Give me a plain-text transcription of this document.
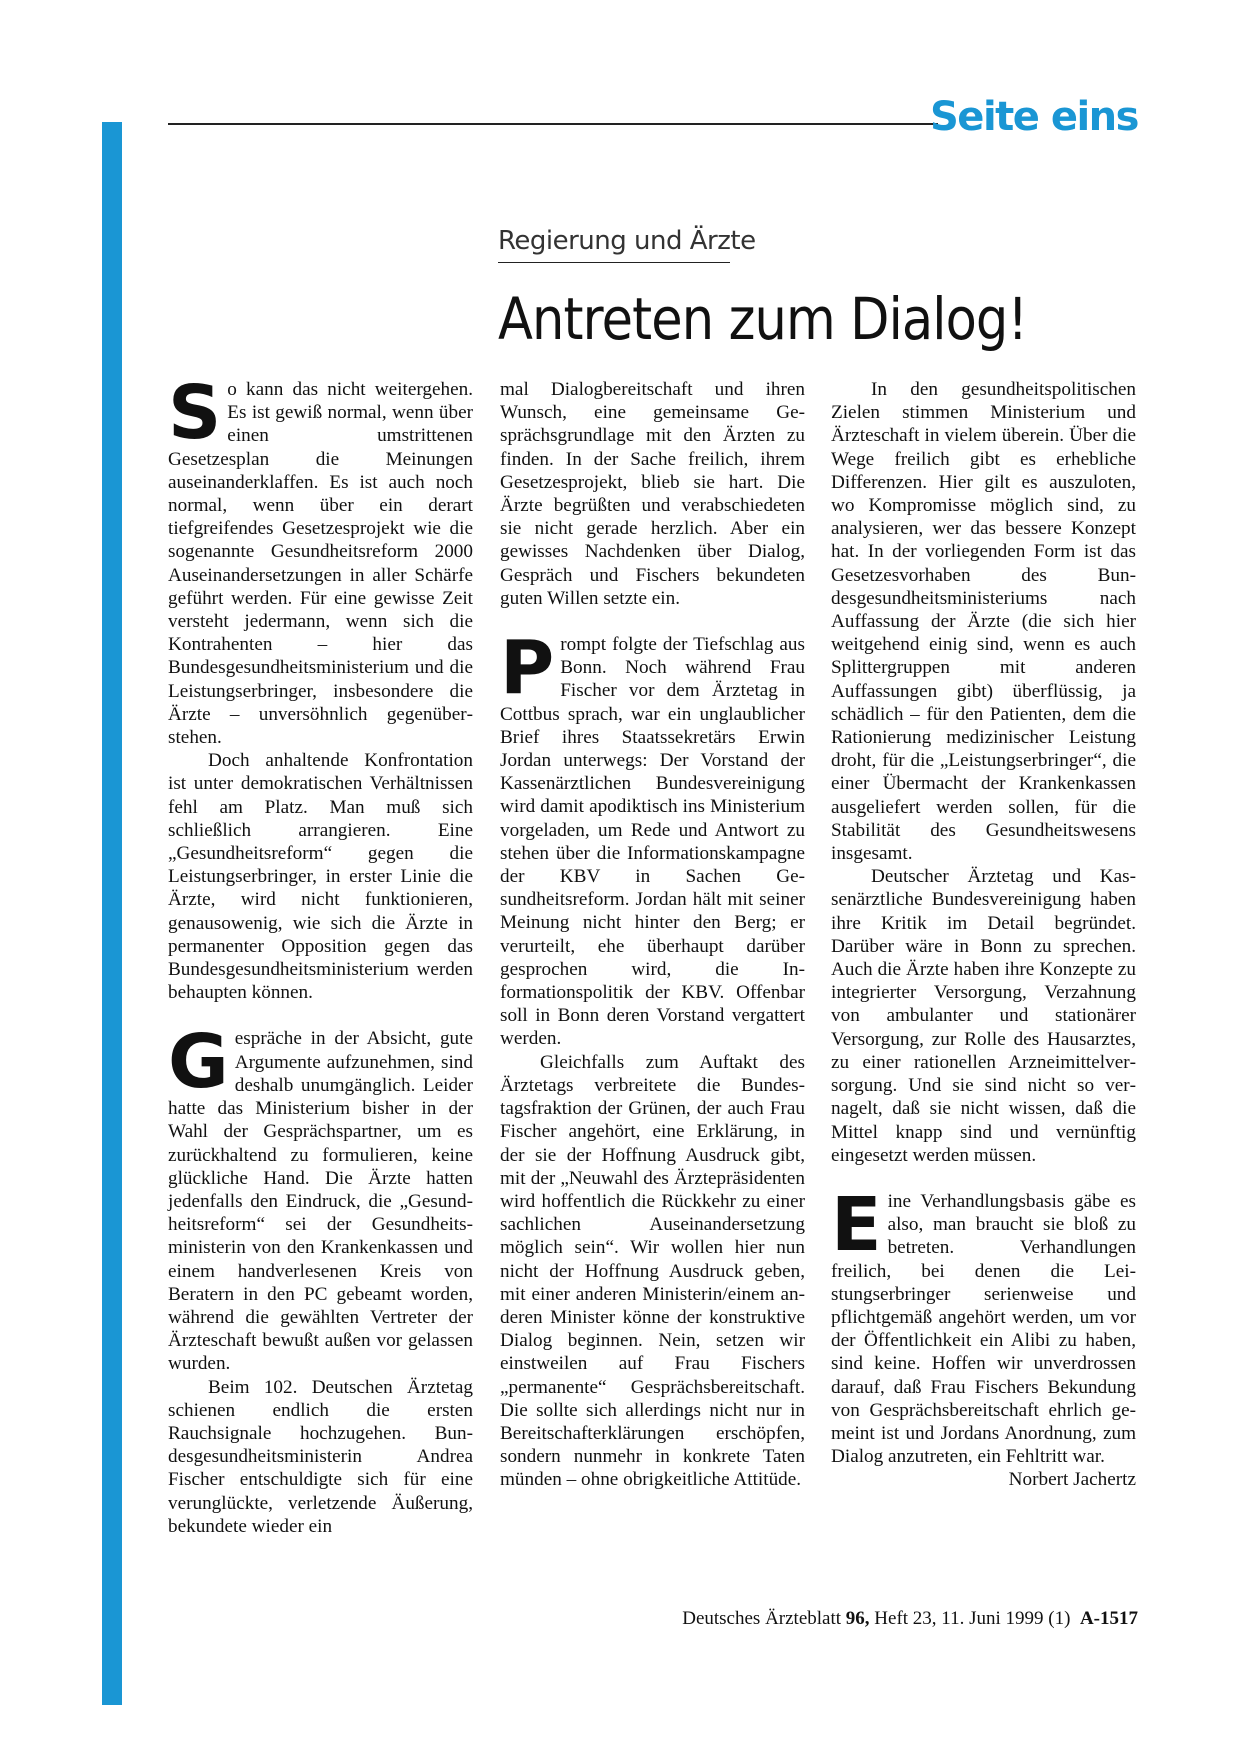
Seite eins
Regierung und Ärzte
Antreten zum Dialog!

So kann das nicht weitergehen. Es ist gewiß normal, wenn über einen umstrittenen Gesetzesplan die Meinungen auseinanderklaffen. Es ist auch noch normal, wenn über ein derart tiefgreifendes Gesetzesprojekt wie die sogenannte Gesundheitsreform 2000 Auseinandersetzungen in aller Schärfe geführt werden. Für eine gewisse Zeit versteht jedermann, wenn sich die Kontrahenten – hier das Bundesgesundheitsministerium und die Leistungserbringer, insbesondere die Ärzte – unversöhnlich gegenüberstehen.

Doch anhaltende Konfrontation ist unter demokratischen Verhältnissen fehl am Platz. Man muß sich schließlich arrangieren. Eine „Gesundheitsreform“ gegen die Leistungserbringer, in erster Linie die Ärzte, wird nicht funktionieren, genausowenig, wie sich die Ärzte in permanenter Opposition gegen das Bundesgesundheitsministerium werden behaupten können.

Gespräche in der Absicht, gute Argumente aufzunehmen, sind deshalb unumgänglich. Leider hatte das Ministerium bisher in der Wahl der Gesprächspartner, um es zurückhaltend zu formulieren, keine glückliche Hand. Die Ärzte hatten jedenfalls den Eindruck, die „Gesundheitsreform“ sei der Gesundheitsministerin von den Krankenkassen und einem handverlesenen Kreis von Beratern in den PC gebeamt worden, während die gewählten Vertreter der Ärzteschaft bewußt außen vor gelassen wurden.

Beim 102. Deutschen Ärztetag schienen endlich die ersten Rauchsignale hochzugehen. Bundesgesundheitsministerin Andrea Fischer entschuldigte sich für eine verunglückte, verletzende Äußerung, bekundete wieder ein

mal Dialogbereitschaft und ihren Wunsch, eine gemeinsame Gesprächsgrundlage mit den Ärzten zu finden. In der Sache freilich, ihrem Gesetzesprojekt, blieb sie hart. Die Ärzte begrüßten und verabschiedeten sie nicht gerade herzlich. Aber ein gewisses Nachdenken über Dialog, Gespräch und Fischers bekundeten guten Willen setzte ein.

Prompt folgte der Tiefschlag aus Bonn. Noch während Frau Fischer vor dem Ärztetag in Cottbus sprach, war ein unglaublicher Brief ihres Staatssekretärs Erwin Jordan unterwegs: Der Vorstand der Kassenärztlichen Bundesvereinigung wird damit apodiktisch ins Ministerium vorgeladen, um Rede und Antwort zu stehen über die Informationskampagne der KBV in Sachen Gesundheitsreform. Jordan hält mit seiner Meinung nicht hinter den Berg; er verurteilt, ehe überhaupt darüber gesprochen wird, die Informationspolitik der KBV. Offenbar soll in Bonn deren Vorstand vergattert werden.

Gleichfalls zum Auftakt des Ärztetags verbreitete die Bundestagsfraktion der Grünen, der auch Frau Fischer angehört, eine Erklärung, in der sie der Hoffnung Ausdruck gibt, mit der „Neuwahl des Ärztepräsidenten wird hoffentlich die Rückkehr zu einer sachlichen Auseinandersetzung möglich sein“. Wir wollen hier nun nicht der Hoffnung Ausdruck geben, mit einer anderen Ministerin/einem anderen Minister könne der konstruktive Dialog beginnen. Nein, setzen wir einstweilen auf Frau Fischers „permanente“ Gesprächsbereitschaft. Die sollte sich allerdings nicht nur in Bereitschafterklärungen erschöpfen, sondern nunmehr in konkrete Taten münden – ohne obrigkeitliche Attitüde.

In den gesundheitspolitischen Zielen stimmen Ministerium und Ärzteschaft in vielem überein. Über die Wege freilich gibt es erhebliche Differenzen. Hier gilt es auszuloten, wo Kompromisse möglich sind, zu analysieren, wer das bessere Konzept hat. In der vorliegenden Form ist das Gesetzesvorhaben des Bundesgesundheitsministeriums nach Auffassung der Ärzte (die sich hier weitgehend einig sind, wenn es auch Splittergruppen mit anderen Auffassungen gibt) überflüssig, ja schädlich – für den Patienten, dem die Rationierung medizinischer Leistung droht, für die „Leistungserbringer“, die einer Übermacht der Krankenkassen ausgeliefert werden sollen, für die Stabilität des Gesundheitswesens insgesamt.

Deutscher Ärztetag und Kassenärztliche Bundesvereinigung haben ihre Kritik im Detail begründet. Darüber wäre in Bonn zu sprechen. Auch die Ärzte haben ihre Konzepte zu integrierter Versorgung, Verzahnung von ambulanter und stationärer Versorgung, zur Rolle des Hausarztes, zu einer rationellen Arzneimittelversorgung. Und sie sind nicht so vernagelt, daß sie nicht wissen, daß die Mittel knapp sind und vernünftig eingesetzt werden müssen.

Eine Verhandlungsbasis gäbe es also, man braucht sie bloß zu betreten. Verhandlungen freilich, bei denen die Leistungserbringer serienweise und pflichtgemäß angehört werden, um vor der Öffentlichkeit ein Alibi zu haben, sind keine. Hoffen wir unverdrossen darauf, daß Frau Fischers Bekundung von Gesprächsbereitschaft ehrlich gemeint ist und Jordans Anordnung, zum Dialog anzutreten, ein Fehltritt war.
Norbert Jachertz

Deutsches Ärzteblatt 96, Heft 23, 11. Juni 1999 (1) A-1517
